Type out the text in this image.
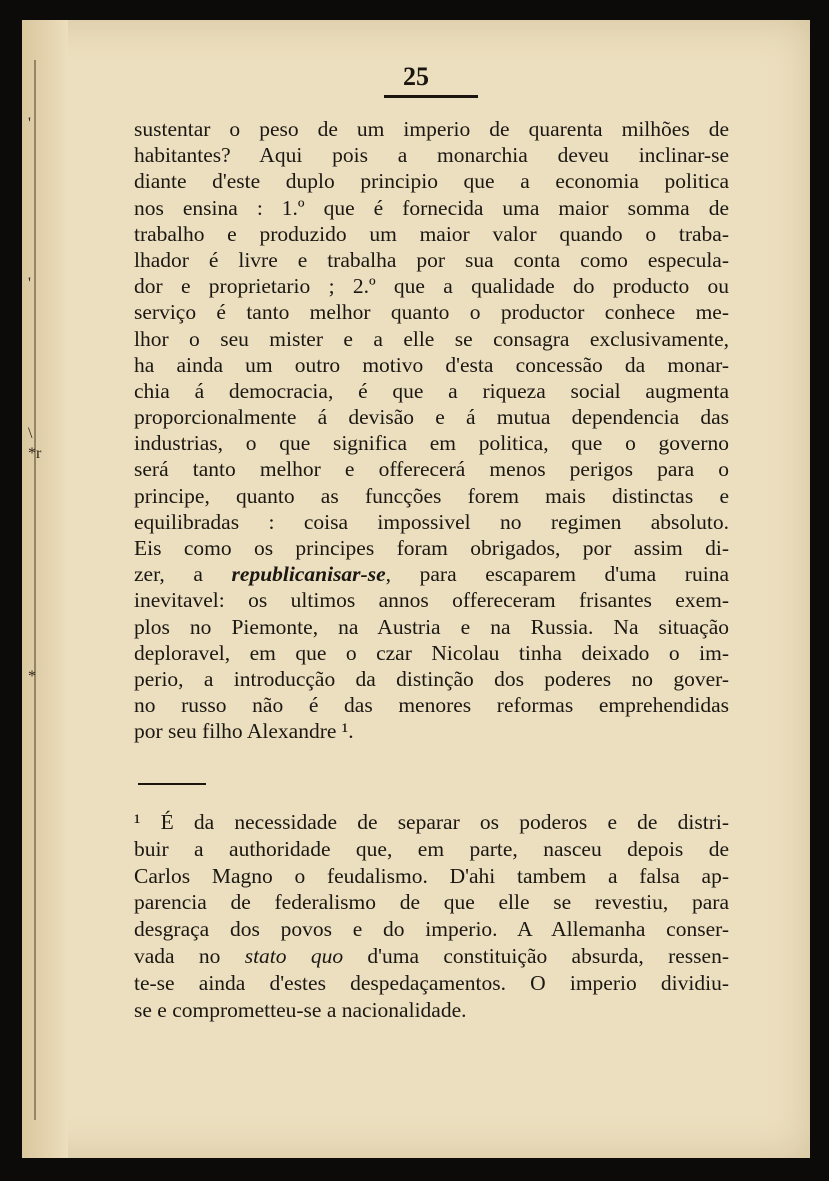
'
'
\
*r
*
25
sustentar o peso de um imperio de quarenta milhões de
habitantes? Aqui pois a monarchia deveu inclinar-se
diante d'este duplo principio que a economia politica
nos ensina : 1.º que é fornecida uma maior somma de
trabalho e produzido um maior valor quando o traba-
lhador é livre e trabalha por sua conta como especula-
dor e proprietario ; 2.º que a qualidade do producto ou
serviço é tanto melhor quanto o productor conhece me-
lhor o seu mister e a elle se consagra exclusivamente,
ha ainda um outro motivo d'esta concessão da monar-
chia á democracia, é que a riqueza social augmenta
proporcionalmente á devisão e á mutua dependencia das
industrias, o que significa em politica, que o governo
será tanto melhor e offerecerá menos perigos para o
principe, quanto as funcções forem mais distinctas e
equilibradas : coisa impossivel no regimen absoluto.
Eis como os principes foram obrigados, por assim di-
zer, a republicanisar-se, para escaparem d'uma ruina
inevitavel: os ultimos annos offereceram frisantes exem-
plos no Piemonte, na Austria e na Russia. Na situação
deploravel, em que o czar Nicolau tinha deixado o im-
perio, a introducção da distinção dos poderes no gover-
no russo não é das menores reformas emprehendidas
por seu filho Alexandre ¹.
¹ É da necessidade de separar os poderos e de distri-
buir a authoridade que, em parte, nasceu depois de
Carlos Magno o feudalismo. D'ahi tambem a falsa ap-
parencia de federalismo de que elle se revestiu, para
desgraça dos povos e do imperio. A Allemanha conser-
vada no stato quo d'uma constituição absurda, ressen-
te-se ainda d'estes despedaçamentos. O imperio dividiu-
se e comprometteu-se a nacionalidade.
